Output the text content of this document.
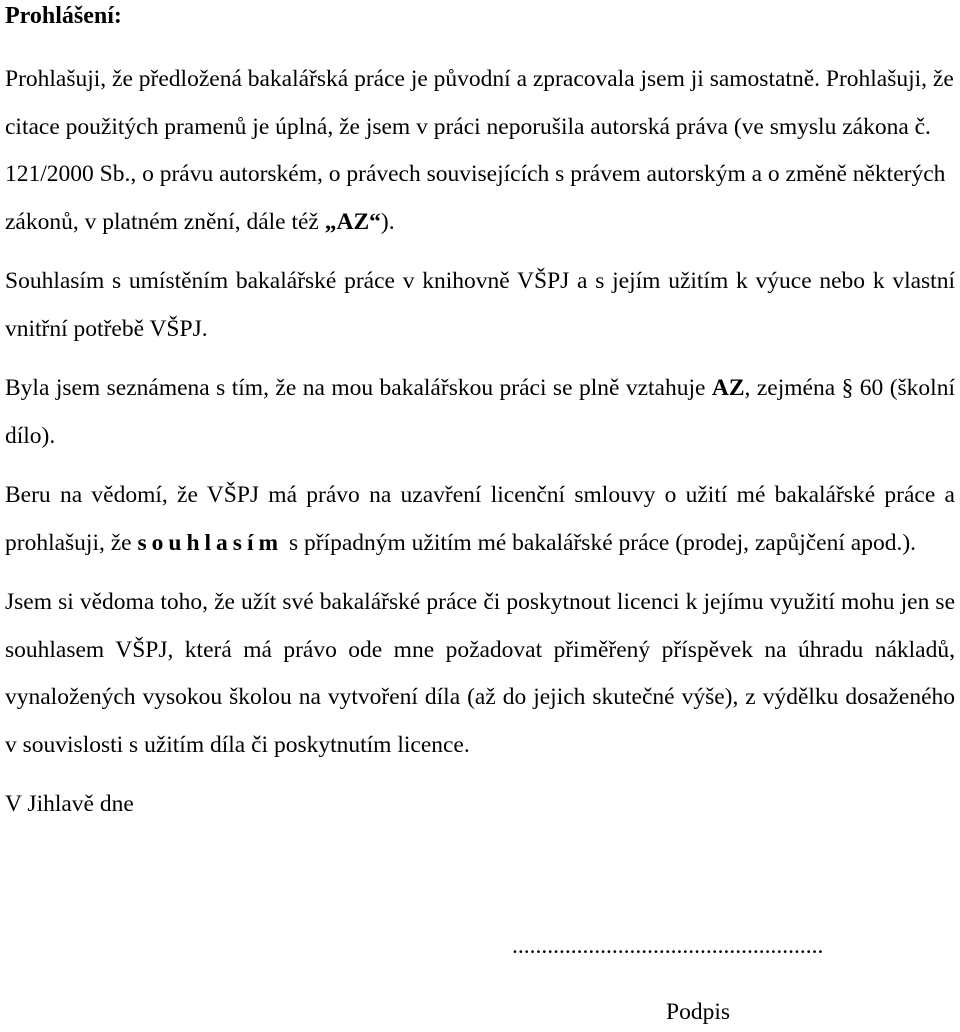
Prohlášení:

Prohlašuji, že předložená bakalářská práce je původní a zpracovala jsem ji samostatně. Prohlašuji, že citace použitých pramenů je úplná, že jsem v práci neporušila autorská práva (ve smyslu zákona č. 121/2000 Sb., o právu autorském, o právech souvisejících s právem autorským a o změně některých zákonů, v platném znění, dále též „AZ“).

Souhlasím s umístěním bakalářské práce v knihovně VŠPJ a s jejím užitím k výuce nebo k vlastní vnitřní potřebě VŠPJ.

Byla jsem seznámena s tím, že na mou bakalářskou práci se plně vztahuje AZ, zejména § 60 (školní dílo).

Beru na vědomí, že VŠPJ má právo na uzavření licenční smlouvy o užití mé bakalářské práce a prohlašuji, že souhlasím s případným užitím mé bakalářské práce (prodej, zapůjčení apod.).

Jsem si vědoma toho, že užít své bakalářské práce či poskytnout licenci k jejímu využití mohu jen se souhlasem VŠPJ, která má právo ode mne požadovat přiměřený příspěvek na úhradu nákladů, vynaložených vysokou školou na vytvoření díla (až do jejich skutečné výše), z výdělku dosaženého v souvislosti s užitím díla či poskytnutím licence.

V Jihlavě dne

.....................................................
Podpis
